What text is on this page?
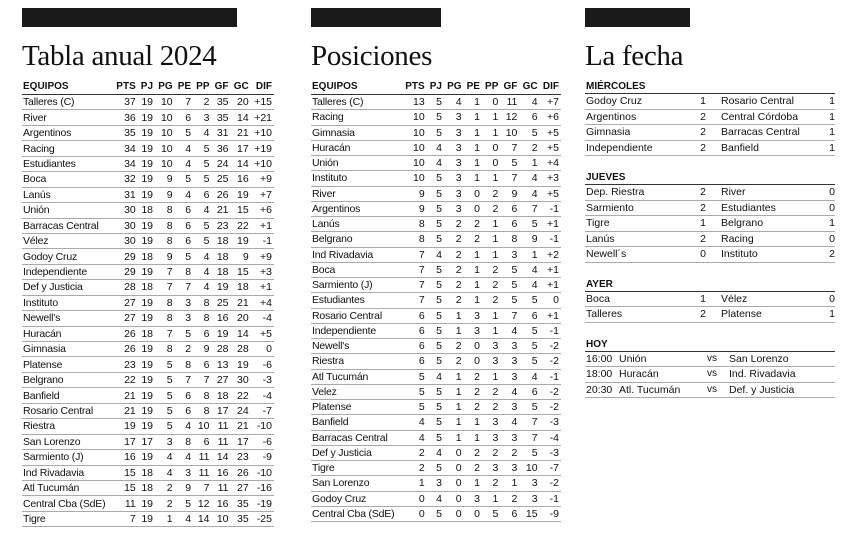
Tabla anual 2024
EQUIPOS	PTS	PJ	PG	PE	PP	GF	GC	DIF
Talleres (C)	37	19	10	7	2	35	20	+15
River	36	19	10	6	3	35	14	+21
Argentinos	35	19	10	5	4	31	21	+10
Racing	34	19	10	4	5	36	17	+19
Estudiantes	34	19	10	4	5	24	14	+10
Boca	32	19	9	5	5	25	16	+9
Lanús	31	19	9	4	6	26	19	+7
Unión	30	18	8	6	4	21	15	+6
Barracas Central	30	19	8	6	5	23	22	+1
Vélez	30	19	8	6	5	18	19	-1
Godoy Cruz	29	18	9	5	4	18	9	+9
Independiente	29	19	7	8	4	18	15	+3
Def y Justicia	28	18	7	7	4	19	18	+1
Instituto	27	19	8	3	8	25	21	+4
Newell's	27	19	8	3	8	16	20	-4
Huracán	26	18	7	5	6	19	14	+5
Gimnasia	26	19	8	2	9	28	28	0
Platense	23	19	5	8	6	13	19	-6
Belgrano	22	19	5	7	7	27	30	-3
Banfield	21	19	5	6	8	18	22	-4
Rosario Central	21	19	5	6	8	17	24	-7
Riestra	19	19	5	4	10	11	21	-10
San Lorenzo	17	17	3	8	6	11	17	-6
Sarmiento (J)	16	19	4	4	11	14	23	-9
Ind Rivadavia	15	18	4	3	11	16	26	-10
Atl Tucumán	15	18	2	9	7	11	27	-16
Central Cba (SdE)	11	19	2	5	12	16	35	-19
Tigre	7	19	1	4	14	10	35	-25
Posiciones
EQUIPOS	PTS	PJ	PG	PE	PP	GF	GC	DIF
Talleres (C)	13	5	4	1	0	11	4	+7
Racing	10	5	3	1	1	12	6	+6
Gimnasia	10	5	3	1	1	10	5	+5
Huracán	10	4	3	1	0	7	2	+5
Unión	10	4	3	1	0	5	1	+4
Instituto	10	5	3	1	1	7	4	+3
River	9	5	3	0	2	9	4	+5
Argentinos	9	5	3	0	2	6	7	-1
Lanús	8	5	2	2	1	6	5	+1
Belgrano	8	5	2	2	1	8	9	-1
Ind Rivadavia	7	4	2	1	1	3	1	+2
Boca	7	5	2	1	2	5	4	+1
Sarmiento (J)	7	5	2	1	2	5	4	+1
Estudiantes	7	5	2	1	2	5	5	0
Rosario Central	6	5	1	3	1	7	6	+1
Independiente	6	5	1	3	1	4	5	-1
Newell's	6	5	2	0	3	3	5	-2
Riestra	6	5	2	0	3	3	5	-2
Atl Tucumán	5	4	1	2	1	3	4	-1
Velez	5	5	1	2	2	4	6	-2
Platense	5	5	1	2	2	3	5	-2
Banfield	4	5	1	1	3	4	7	-3
Barracas Central	4	5	1	1	3	3	7	-4
Def y Justicia	2	4	0	2	2	2	5	-3
Tigre	2	5	0	2	3	3	10	-7
San Lorenzo	1	3	0	1	2	1	3	-2
Godoy Cruz	0	4	0	3	1	2	3	-1
Central Cba (SdE)	0	5	0	0	5	6	15	-9
La fecha
MIÉRCOLES
Godoy Cruz	1	Rosario Central	1
Argentinos	2	Central Córdoba	1
Gimnasia	2	Barracas Central	1
Independiente	2	Banfield	1
JUEVES
Dep. Riestra	2	River	0
Sarmiento	2	Estudiantes	0
Tigre	1	Belgrano	1
Lanús	2	Racing	0
Newell´s	0	Instituto	2
AYER
Boca	1	Vélez	0
Talleres	2	Platense	1
HOY
16:00 Unión	vs	San Lorenzo
18:00 Huracán	vs	Ind. Rivadavia
20:30 Atl. Tucumán	vs	Def. y Justicia
